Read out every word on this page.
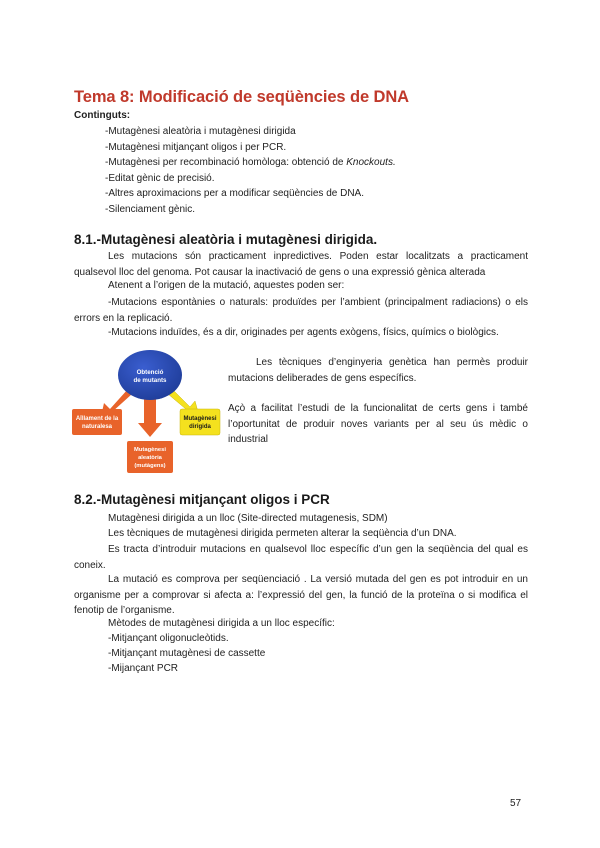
Tema 8: Modificació de seqüències de DNA
Continguts:
-Mutagènesi aleatòria i mutagènesi dirigida
-Mutagènesi mitjançant oligos i per PCR.
-Mutagènesi per recombinació homòloga: obtenció de Knockouts.
-Editat gènic de precisió.
-Altres aproximacions per a modificar seqüències de DNA.
-Silenciament gènic.
8.1.-Mutagènesi aleatòria i mutagènesi dirigida.
Les mutacions són practicament inpredictives. Poden estar localitzats a practicament qualsevol lloc del genoma. Pot causar la inactivació de gens o una expressió gènica alterada
Atenent a l’origen de la mutació, aquestes poden ser:
-Mutacions espontànies o naturals: produïdes per l’ambient (principalment radiacions) o els errors en la replicació.
-Mutacions induïdes, és a dir, originades per agents exògens, físics, químics o biològics.
Obtenció
de mutants
Aïllament de la
naturalesa
Mutagènesi
dirigida
Mutagènesi
aleatòria
(mutàgens)
Les tècniques d’enginyeria genètica han permès produir mutacions deliberades de gens específics.
Açò a facilitat l’estudi de la funcionalitat de certs gens i també l’oportunitat de produir noves variants per al seu ús mèdic o industrial
8.2.-Mutagènesi mitjançant oligos i PCR
Mutagènesi dirigida a un lloc (Site-directed mutagenesis, SDM)
Les tècniques de mutagènesi dirigida permeten alterar la seqüència d’un DNA.
Es tracta d’introduir mutacions en qualsevol lloc específic d’un gen la seqüència del qual es coneix.
La mutació es comprova per seqüenciació . La versió mutada del gen es pot introduir en un organisme per a comprovar si afecta a: l’expressió del gen, la funció de la proteïna o si modifica el fenotip de l’organisme.
Mètodes de mutagènesi dirigida a un lloc específic:
-Mitjançant oligonucleòtids.
-Mitjançant mutagènesi de cassette
-Mijançant PCR
57
